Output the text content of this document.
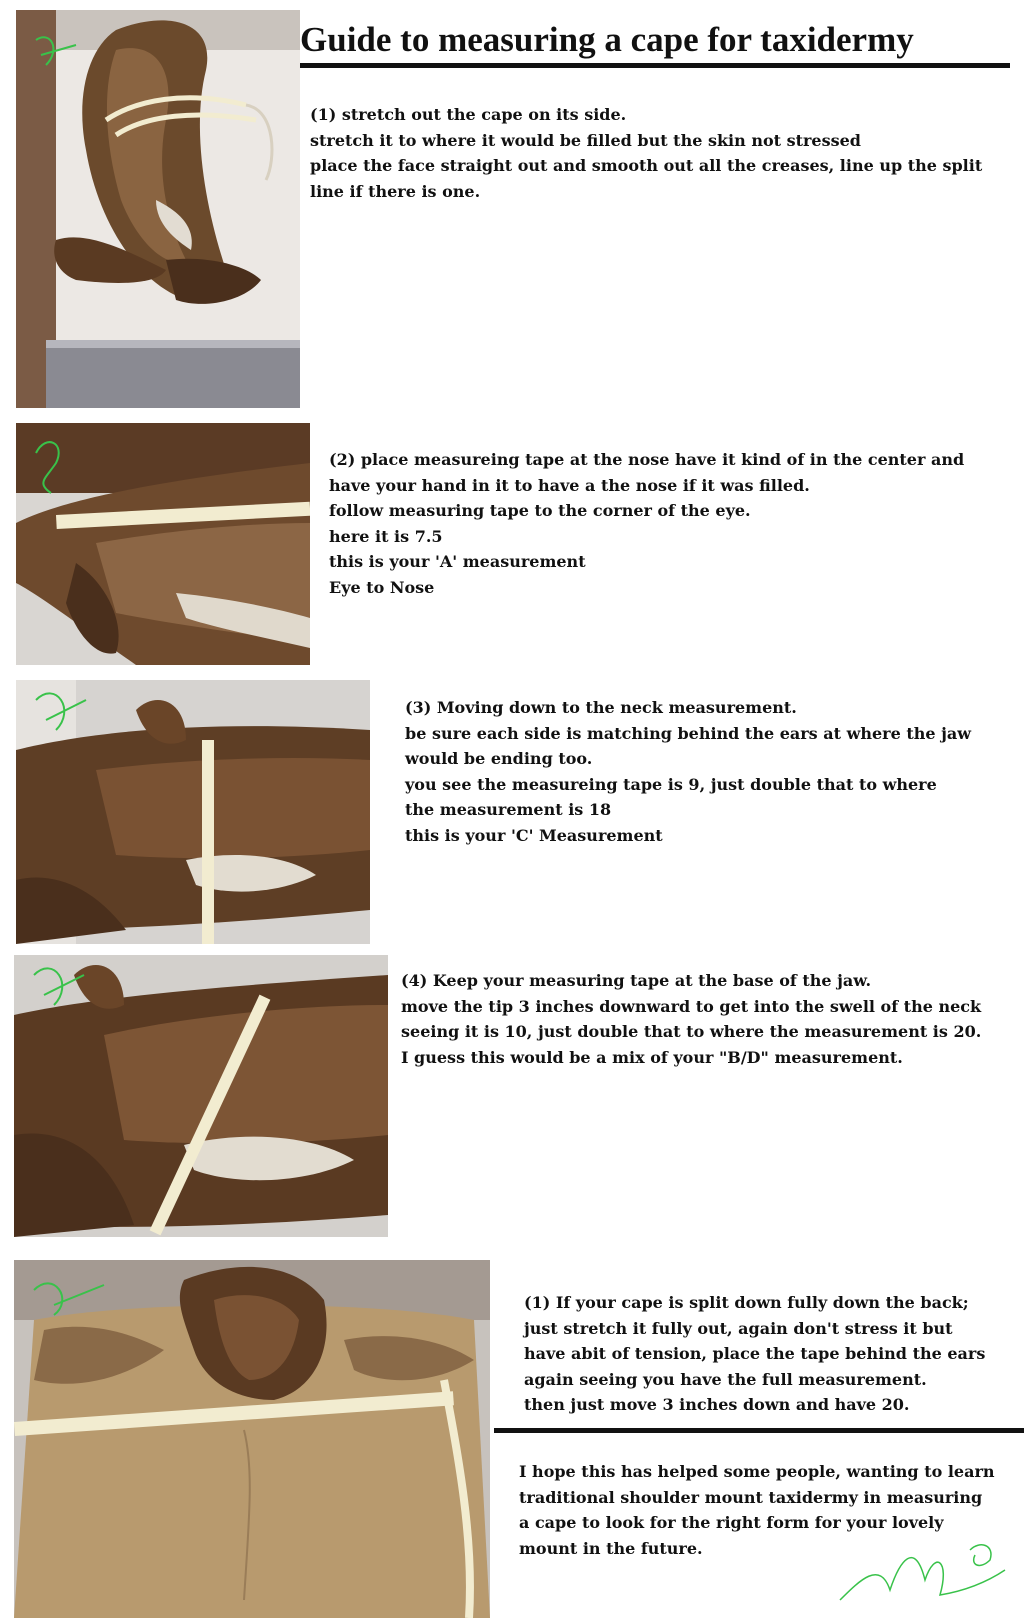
Guide to measuring a cape for taxidermy

(1) stretch out the cape on its side.

stretch it to where it would be filled but the skin not stressed

place the face straight out and smooth out all the creases, line up the split

line if there is one.

(2) place measureing tape at the nose have it kind of in the center and

have your hand in it to have a the nose if it was filled.

follow measuring tape to the corner of the eye.

here it is 7.5

this is your 'A' measurement

Eye to Nose

(3) Moving down to the neck measurement.

be sure each side is matching behind the ears at where the jaw

would be ending too.

you see the measureing tape is 9, just double that to where

the measurement is 18

this is your 'C' Measurement

(4) Keep your measuring tape at the base of the jaw.

move the tip 3 inches downward to get into the swell of the neck

seeing it is 10, just double that to where the measurement is 20.

I guess this would be a mix of your "B/D" measurement.

(1) If your cape is split down fully down the back;

just stretch it fully out, again don't stress it but

have abit of tension, place the tape behind the ears

again seeing you have the full measurement.

then just move 3 inches down and have 20.

I hope this has helped some people, wanting to learn

traditional shoulder mount taxidermy in measuring

a cape to look for the right form for your lovely

mount in the future.
